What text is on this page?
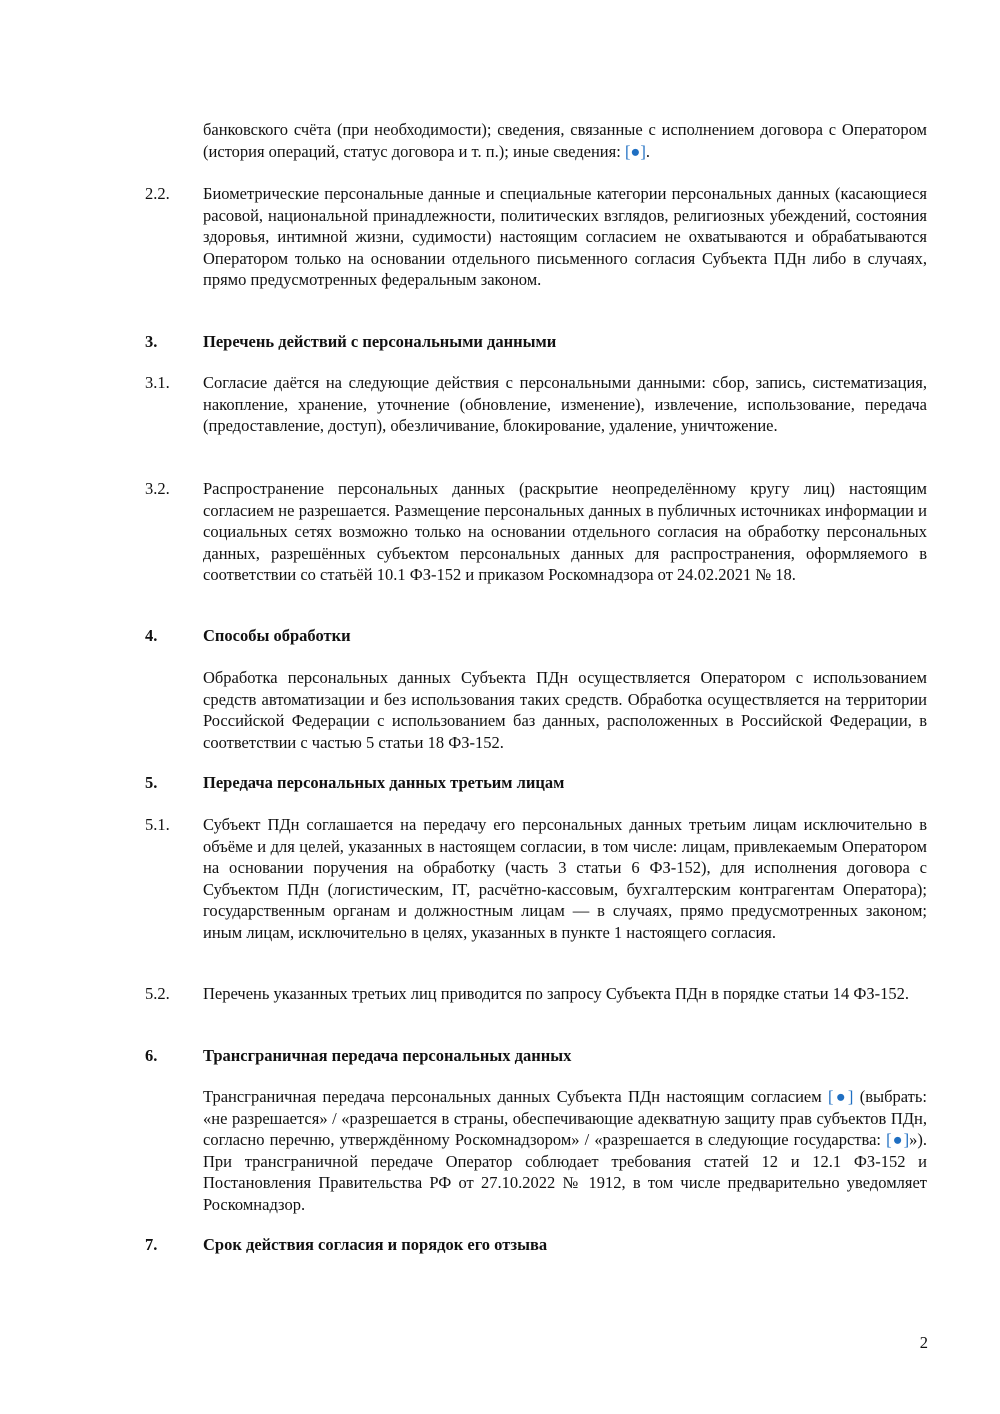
банковского счёта (при необходимости); сведения, связанные с исполнением договора с Оператором (история операций, статус договора и т. п.); иные сведения: [●].
2.2.	Биометрические персональные данные и специальные категории персональных данных (касающиеся расовой, национальной принадлежности, политических взглядов, религиозных убеждений, состояния здоровья, интимной жизни, судимости) настоящим согласием не охватываются и обрабатываются Оператором только на основании отдельного письменного согласия Субъекта ПДн либо в случаях, прямо предусмотренных федеральным законом.
3.	Перечень действий с персональными данными
3.1.	Согласие даётся на следующие действия с персональными данными: сбор, запись, систематизация, накопление, хранение, уточнение (обновление, изменение), извлечение, использование, передача (предоставление, доступ), обезличивание, блокирование, удаление, уничтожение.
3.2.	Распространение персональных данных (раскрытие неопределённому кругу лиц) настоящим согласием не разрешается. Размещение персональных данных в публичных источниках информации и социальных сетях возможно только на основании отдельного согласия на обработку персональных данных, разрешённых субъектом персональных данных для распространения, оформляемого в соответствии со статьёй 10.1 ФЗ-152 и приказом Роскомнадзора от 24.02.2021 № 18.
4.	Способы обработки
Обработка персональных данных Субъекта ПДн осуществляется Оператором с использованием средств автоматизации и без использования таких средств. Обработка осуществляется на территории Российской Федерации с использованием баз данных, расположенных в Российской Федерации, в соответствии с частью 5 статьи 18 ФЗ-152.
5.	Передача персональных данных третьим лицам
5.1.	Субъект ПДн соглашается на передачу его персональных данных третьим лицам исключительно в объёме и для целей, указанных в настоящем согласии, в том числе: лицам, привлекаемым Оператором на основании поручения на обработку (часть 3 статьи 6 ФЗ-152), для исполнения договора с Субъектом ПДн (логистическим, IT, расчётно-кассовым, бухгалтерским контрагентам Оператора); государственным органам и должностным лицам — в случаях, прямо предусмотренных законом; иным лицам, исключительно в целях, указанных в пункте 1 настоящего согласия.
5.2.	Перечень указанных третьих лиц приводится по запросу Субъекта ПДн в порядке статьи 14 ФЗ-152.
6.	Трансграничная передача персональных данных
Трансграничная передача персональных данных Субъекта ПДн настоящим согласием [●] (выбрать: «не разрешается» / «разрешается в страны, обеспечивающие адекватную защиту прав субъектов ПДн, согласно перечню, утверждённому Роскомнадзором» / «разрешается в следующие государства: [●]»). При трансграничной передаче Оператор соблюдает требования статей 12 и 12.1 ФЗ-152 и Постановления Правительства РФ от 27.10.2022 № 1912, в том числе предварительно уведомляет Роскомнадзор.
7.	Срок действия согласия и порядок его отзыва
2
